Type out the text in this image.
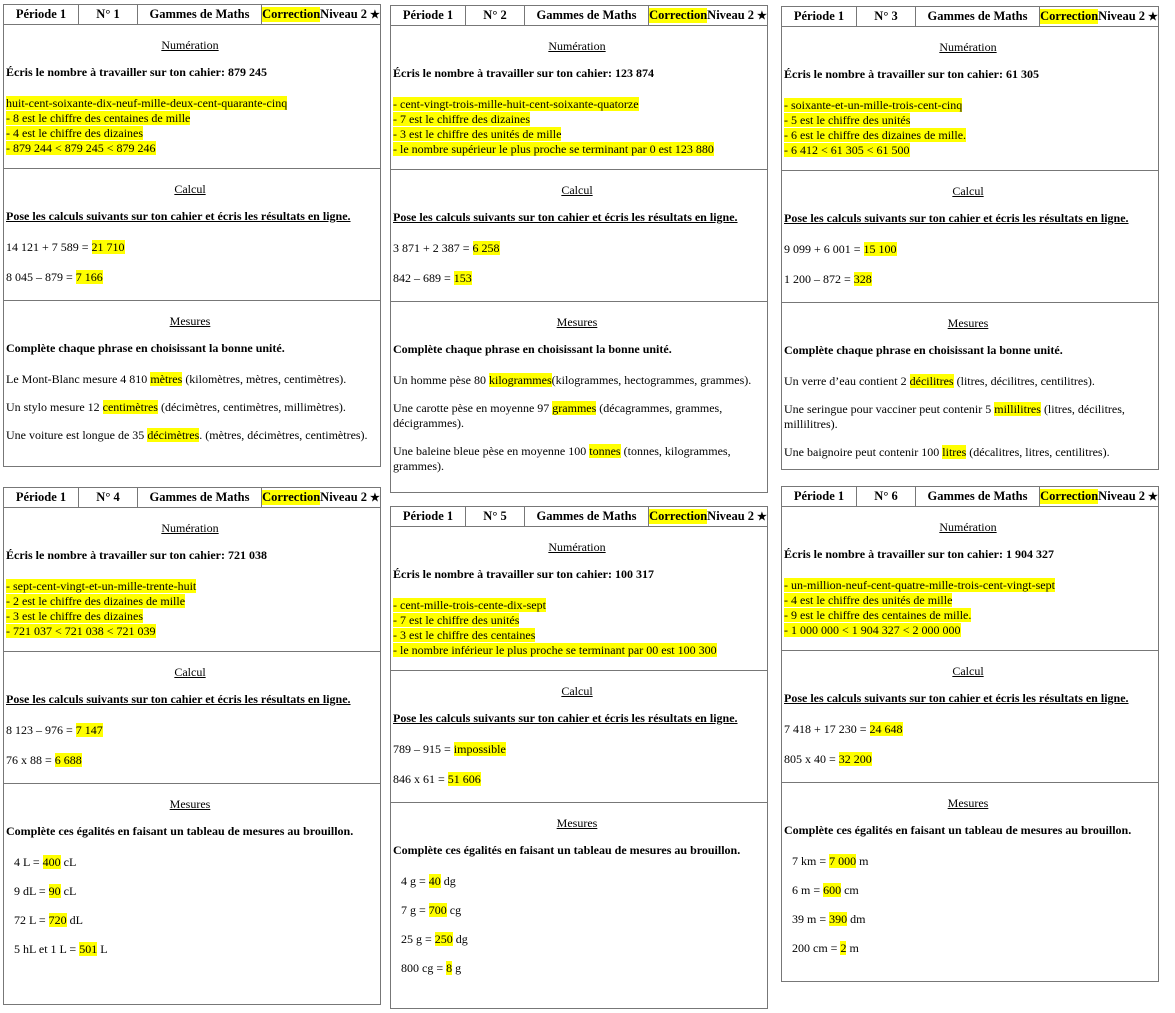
Période 1 N° 1 Gammes de Maths Correction Niveau 2 ★
Numération
Écris le nombre à travailler sur ton cahier: 879 245
huit-cent-soixante-dix-neuf-mille-deux-cent-quarante-cinq
- 8 est le chiffre des centaines de mille
- 4 est le chiffre des dizaines
- 879 244 < 879 245 < 879 246
Calcul
Pose les calculs suivants sur ton cahier et écris les résultats en ligne.
14 121 + 7 589 = 21 710
8 045 – 879 = 7 166
Mesures
Complète chaque phrase en choisissant la bonne unité.
Le Mont-Blanc mesure 4 810 mètres (kilomètres, mètres, centimètres).
Un stylo mesure 12 centimètres (décimètres, centimètres, millimètres).
Une voiture est longue de 35 décimètres. (mètres, décimètres, centimètres).
Période 1 N° 2 Gammes de Maths Correction Niveau 2 ★
Numération
Écris le nombre à travailler sur ton cahier: 123 874
- cent-vingt-trois-mille-huit-cent-soixante-quatorze
- 7 est le chiffre des dizaines
- 3 est le chiffre des unités de mille
- le nombre supérieur le plus proche se terminant par 0 est 123 880
Calcul
Pose les calculs suivants sur ton cahier et écris les résultats en ligne.
3 871 + 2 387 = 6 258
842 – 689 = 153
Mesures
Complète chaque phrase en choisissant la bonne unité.
Un homme pèse 80 kilogrammes(kilogrammes, hectogrammes, grammes).
Une carotte pèse en moyenne 97 grammes (décagrammes, grammes, décigrammes).
Une baleine bleue pèse en moyenne 100 tonnes (tonnes, kilogrammes, grammes).
Période 1 N° 3 Gammes de Maths Correction Niveau 2 ★
Numération
Écris le nombre à travailler sur ton cahier: 61 305
- soixante-et-un-mille-trois-cent-cinq
- 5 est le chiffre des unités
- 6 est le chiffre des dizaines de mille.
- 6 412 < 61 305 < 61 500
Calcul
Pose les calculs suivants sur ton cahier et écris les résultats en ligne.
9 099 + 6 001 = 15 100
1 200 – 872 = 328
Mesures
Complète chaque phrase en choisissant la bonne unité.
Un verre d’eau contient 2 décilitres (litres, décilitres, centilitres).
Une seringue pour vacciner peut contenir 5 millilitres (litres, décilitres, millilitres).
Une baignoire peut contenir 100 litres (décalitres, litres, centilitres).
Période 1 N° 4 Gammes de Maths Correction Niveau 2 ★
Numération
Écris le nombre à travailler sur ton cahier: 721 038
- sept-cent-vingt-et-un-mille-trente-huit
- 2 est le chiffre des dizaines de mille
- 3 est le chiffre des dizaines
- 721 037 < 721 038 < 721 039
Calcul
Pose les calculs suivants sur ton cahier et écris les résultats en ligne.
8 123 – 976 = 7 147
76 x 88 = 6 688
Mesures
Complète ces égalités en faisant un tableau de mesures au brouillon.
4 L = 400 cL
9 dL = 90 cL
72 L = 720 dL
5 hL et 1 L = 501 L
Période 1 N° 5 Gammes de Maths Correction Niveau 2 ★
Numération
Écris le nombre à travailler sur ton cahier: 100 317
- cent-mille-trois-cente-dix-sept
- 7 est le chiffre des unités
- 3 est le chiffre des centaines
- le nombre inférieur le plus proche se terminant par 00 est 100 300
Calcul
Pose les calculs suivants sur ton cahier et écris les résultats en ligne.
789 – 915 = impossible
846 x 61 = 51 606
Mesures
Complète ces égalités en faisant un tableau de mesures au brouillon.
4 g = 40 dg
7 g = 700 cg
25 g = 250 dg
800 cg = 8 g
Période 1 N° 6 Gammes de Maths Correction Niveau 2 ★
Numération
Écris le nombre à travailler sur ton cahier: 1 904 327
- un-million-neuf-cent-quatre-mille-trois-cent-vingt-sept
- 4 est le chiffre des unités de mille
- 9 est le chiffre des centaines de mille.
- 1 000 000 < 1 904 327 < 2 000 000
Calcul
Pose les calculs suivants sur ton cahier et écris les résultats en ligne.
7 418 + 17 230 = 24 648
805 x 40 = 32 200
Mesures
Complète ces égalités en faisant un tableau de mesures au brouillon.
7 km = 7 000 m
6 m = 600 cm
39 m = 390 dm
200 cm = 2 m
